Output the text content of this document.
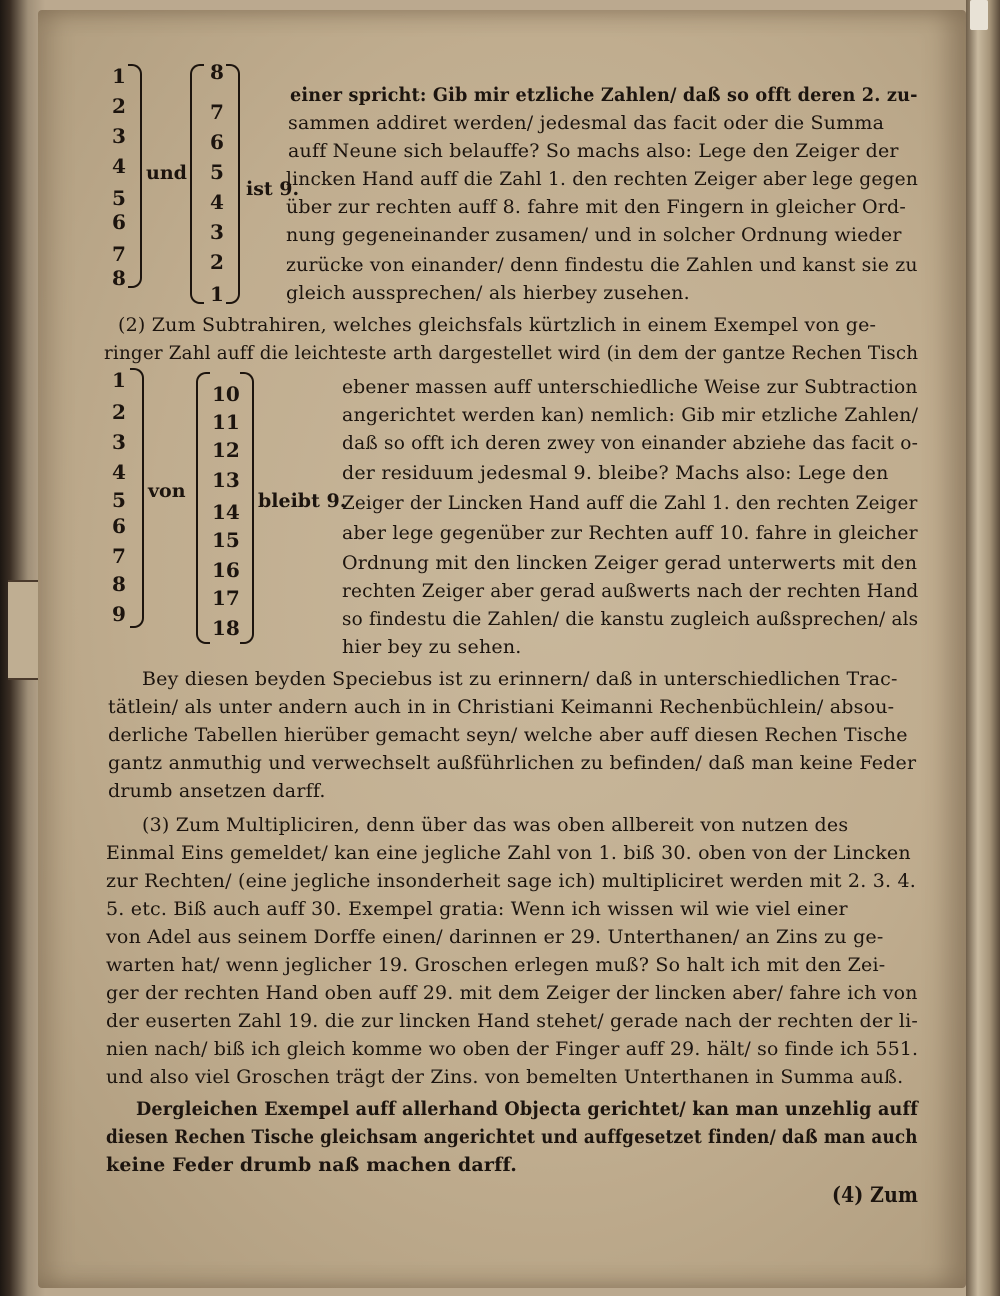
1
2
3
4
5
6
7
8
und
8
7
6
5
4
3
2
1
ist 9.
einer spricht: Gib mir etzliche Zahlen/ daß so offt deren 2. zu-
sammen addiret werden/ jedesmal das facit oder die Summa
auff Neune sich belauffe? So machs also: Lege den Zeiger der
lincken Hand auff die Zahl 1. den rechten Zeiger aber lege gegen
über zur rechten auff 8. fahre mit den Fingern in gleicher Ord-
nung gegeneinander zusamen/ und in solcher Ordnung wieder
zurücke von einander/ denn findestu die Zahlen und kanst sie zu
gleich aussprechen/ als hierbey zusehen.
(2) Zum Subtrahiren, welches gleichsfals kürtzlich in einem Exempel von ge-
ringer Zahl auff die leichteste arth dargestellet wird (in dem der gantze Rechen Tisch
1
2
3
4
5
6
7
8
9
von
10
11
12
13
14
15
16
17
18
bleibt 9.
ebener massen auff unterschiedliche Weise zur Subtraction
angerichtet werden kan) nemlich: Gib mir etzliche Zahlen/
daß so offt ich deren zwey von einander abziehe das facit o-
der residuum jedesmal 9. bleibe? Machs also: Lege den
Zeiger der Lincken Hand auff die Zahl 1. den rechten Zeiger
aber lege gegenüber zur Rechten auff 10. fahre in gleicher
Ordnung mit den lincken Zeiger gerad unterwerts mit den
rechten Zeiger aber gerad außwerts nach der rechten Hand
so findestu die Zahlen/ die kanstu zugleich außsprechen/ als
hier bey zu sehen.
Bey diesen beyden Speciebus ist zu erinnern/ daß in unterschiedlichen Trac-
tätlein/ als unter andern auch in in Christiani Keimanni Rechenbüchlein/ absou-
derliche Tabellen hierüber gemacht seyn/ welche aber auff diesen Rechen Tische
gantz anmuthig und verwechselt außführlichen zu befinden/ daß man keine Feder
drumb ansetzen darff.
(3) Zum Multipliciren, denn über das was oben allbereit von nutzen des
Einmal Eins gemeldet/ kan eine jegliche Zahl von 1. biß 30. oben von der Lincken
zur Rechten/ (eine jegliche insonderheit sage ich) multipliciret werden mit 2. 3. 4.
5. etc. Biß auch auff 30. Exempel gratia: Wenn ich wissen wil wie viel einer
von Adel aus seinem Dorffe einen/ darinnen er 29. Unterthanen/ an Zins zu ge-
warten hat/ wenn jeglicher 19. Groschen erlegen muß? So halt ich mit den Zei-
ger der rechten Hand oben auff 29. mit dem Zeiger der lincken aber/ fahre ich von
der euserten Zahl 19. die zur lincken Hand stehet/ gerade nach der rechten der li-
nien nach/ biß ich gleich komme wo oben der Finger auff 29. hält/ so finde ich 551.
und also viel Groschen trägt der Zins. von bemelten Unterthanen in Summa auß.
Dergleichen Exempel auff allerhand Objecta gerichtet/ kan man unzehlig auff
diesen Rechen Tische gleichsam angerichtet und auffgesetzet finden/ daß man auch
keine Feder drumb naß machen darff.
(4) Zum
